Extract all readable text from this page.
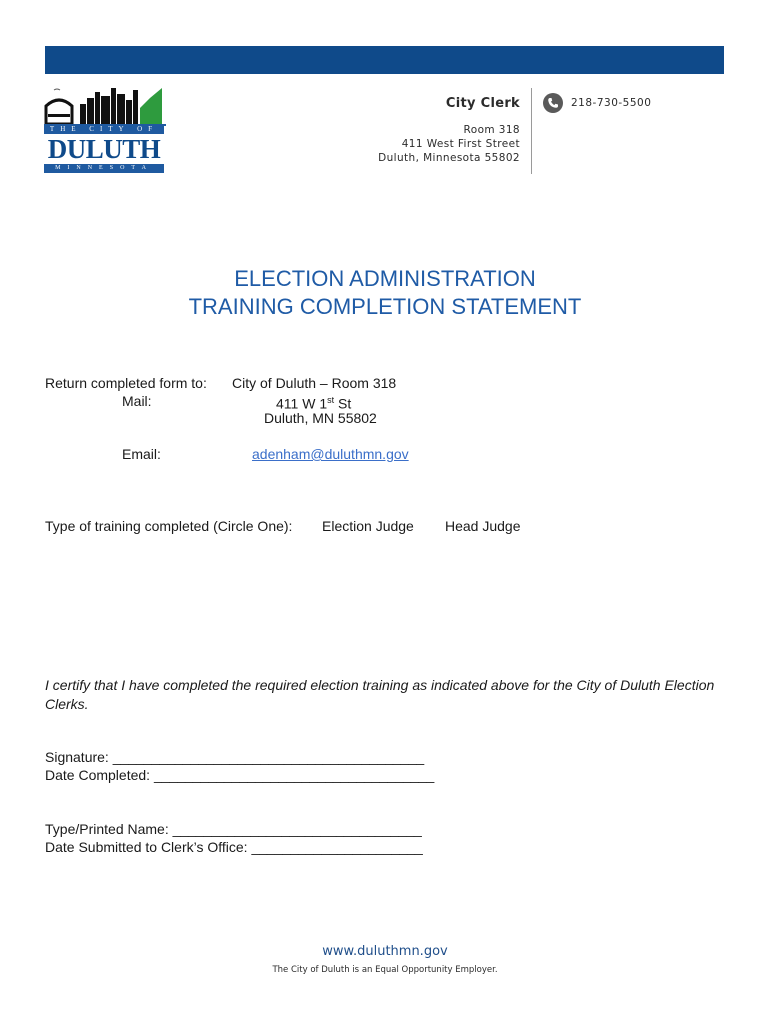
THE CITY OF
DULUTH
MINNESOTA
City Clerk
Room 318
411 West First Street
Duluth, Minnesota 55802
218-730-5500
ELECTION ADMINISTRATION
TRAINING COMPLETION STATEMENT
Return completed form to: City of Duluth – Room 318
Mail:	411 W 1st St
Duluth, MN 55802
Email:	adenham@duluthmn.gov
Type of training completed (Circle One): Election Judge Head Judge
I certify that I have completed the required election training as indicated above for the City of Duluth Election Clerks.
Signature: ________________________________________
Date Completed: ____________________________________
Type/Printed Name: ________________________________
Date Submitted to Clerk’s Office: ______________________
www.duluthmn.gov
The City of Duluth is an Equal Opportunity Employer.
